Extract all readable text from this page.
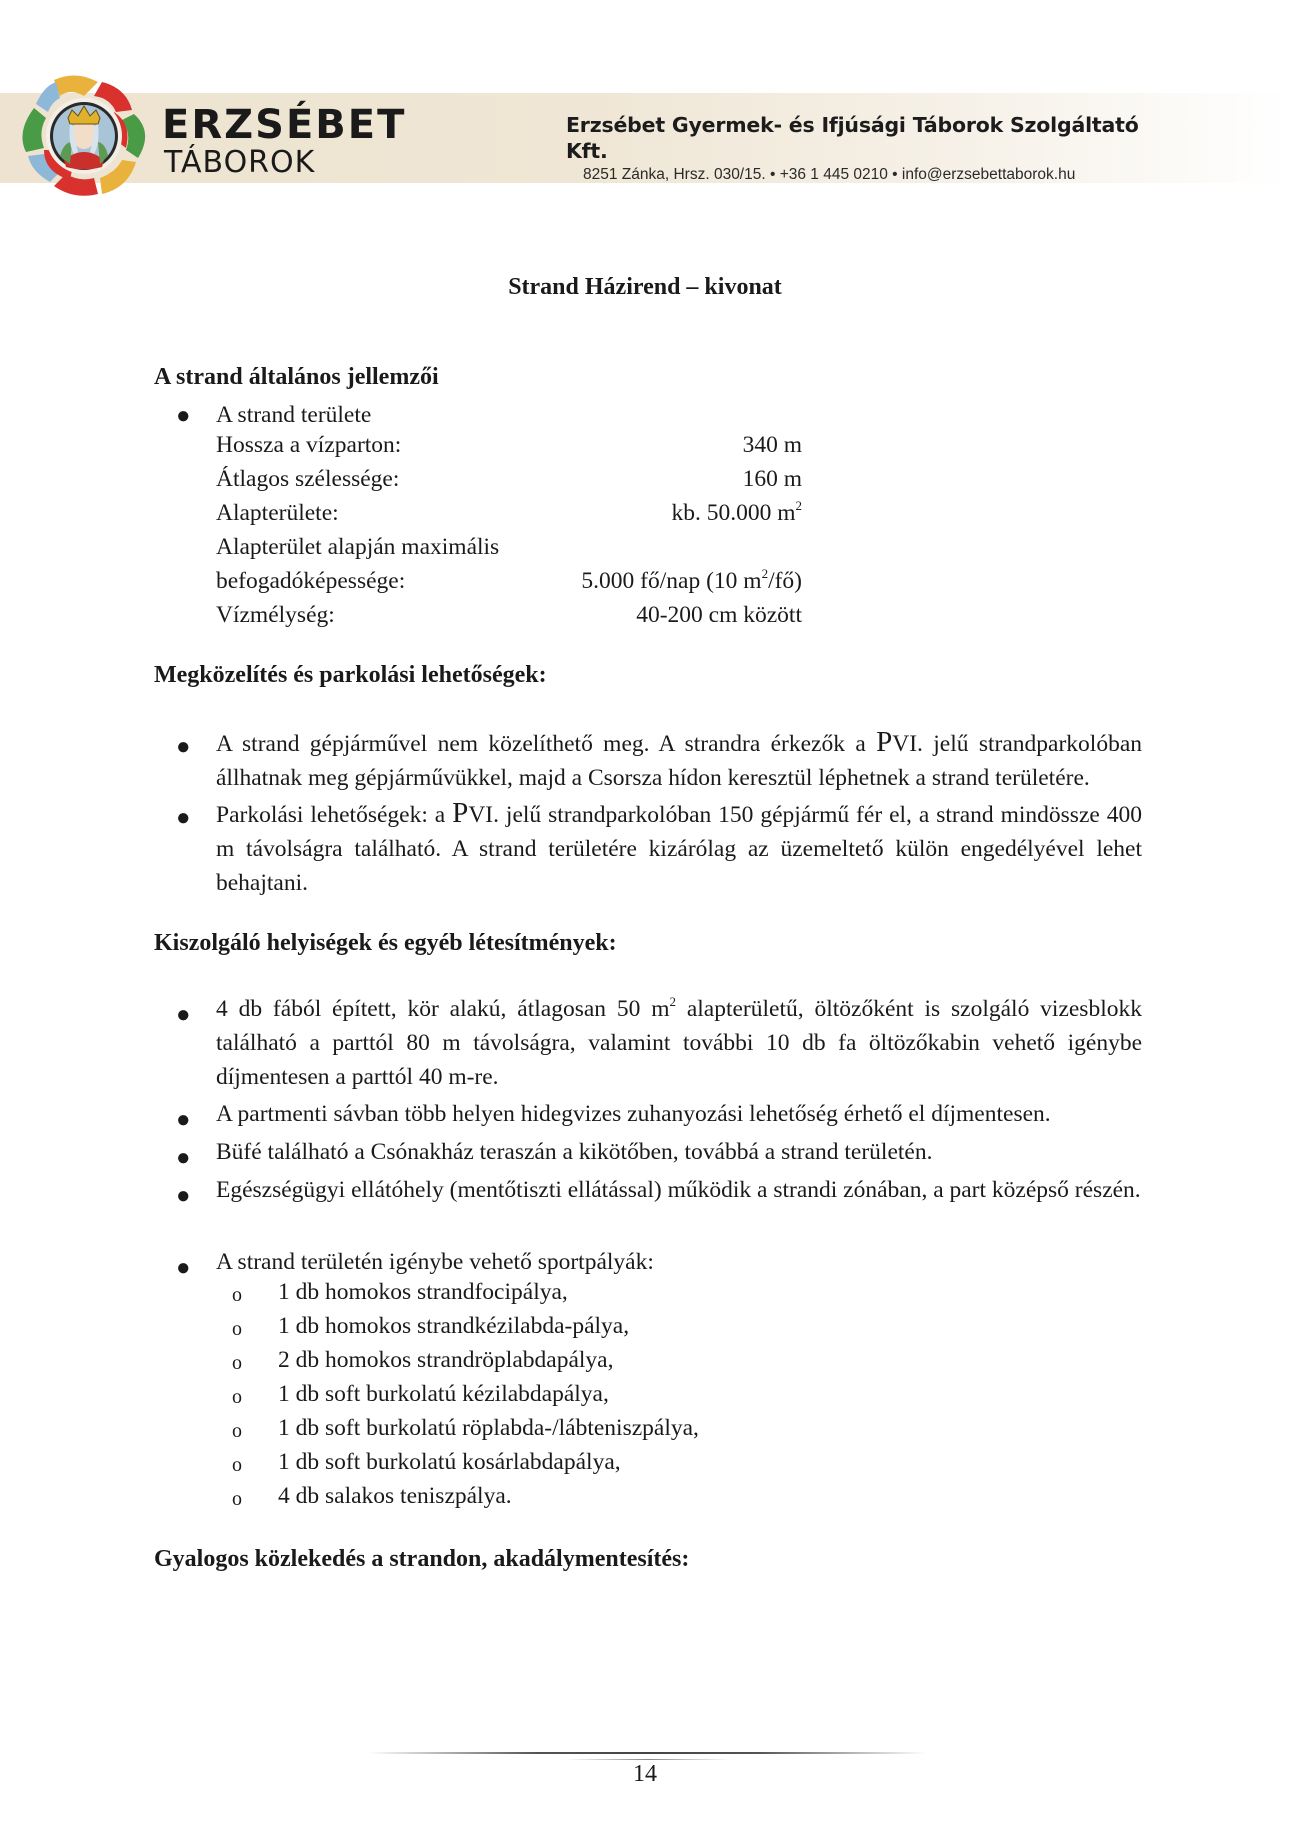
ERZSÉBET
TÁBOROK
Erzsébet Gyermek- és Ifjúsági Táborok Szolgáltató Kft.
8251 Zánka, Hrsz. 030/15. • +36 1 445 0210 • info@erzsebettaborok.hu
Strand Házirend – kivonat
A strand általános jellemzői
● A strand területe
Hossza a vízparton:	340 m
Átlagos szélessége:	160 m
Alapterülete:	kb. 50.000 $m^2$
Alapterület alapján maximális
befogadóképessége:	5.000 fő/nap (10 $m^2/fő$)
Vízmélység:	40-200 cm között
Megközelítés és parkolási lehetőségek:
● A strand gépjárművel nem közelíthető meg. A strandra érkezők a PVI. jelű strandparkolóban állhatnak meg gépjárművükkel, majd a Csorsza hídon keresztül léphetnek a strand területére.
● Parkolási lehetőségek: a PVI. jelű strandparkolóban 150 gépjármű fér el, a strand mindössze 400 m távolságra található. A strand területére kizárólag az üzemeltető külön engedélyével lehet behajtani.
Kiszolgáló helyiségek és egyéb létesítmények:
● 4 db fából épített, kör alakú, átlagosan 50 $m^2$ alapterületű, öltözőként is szolgáló vizesblokk található a parttól 80 m távolságra, valamint további 10 db fa öltözőkabin vehető igénybe díjmentesen a parttól 40 m-re.
● A partmenti sávban több helyen hidegvizes zuhanyozási lehetőség érhető el díjmentesen.
● Büfé található a Csónakház teraszán a kikötőben, továbbá a strand területén.
● Egészségügyi ellátóhely (mentőtiszti ellátással) működik a strandi zónában, a part középső részén.
● A strand területén igénybe vehető sportpályák:
o 1 db homokos strandfocipálya,
o 1 db homokos strandkézilabda-pálya,
o 2 db homokos strandröplabdapálya,
o 1 db soft burkolatú kézilabdapálya,
o 1 db soft burkolatú röplabda-/lábteniszpálya,
o 1 db soft burkolatú kosárlabdapálya,
o 4 db salakos teniszpálya.
Gyalogos közlekedés a strandon, akadálymentesítés:
14
